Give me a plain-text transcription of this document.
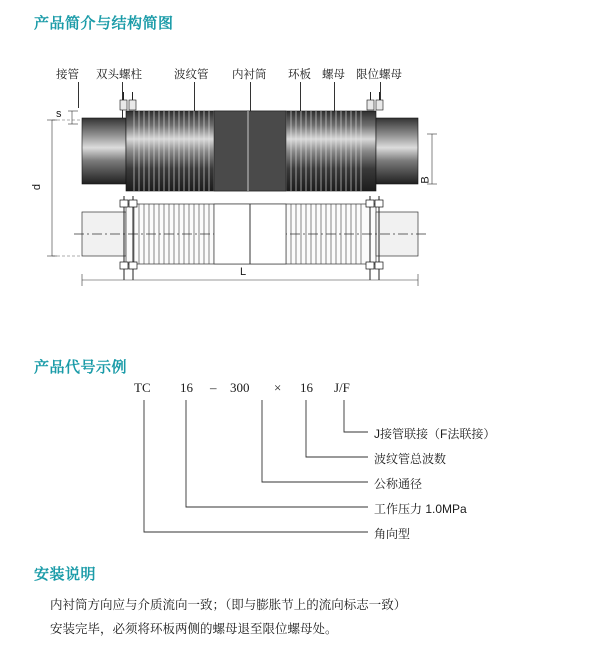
产品简介与结构简图
接管 双头螺柱	波纹管 内衬筒 环板 螺母 限位螺母
s
d
B
L
产品代号示例
TC 16 – 300 × 16 J/F
J接管联接（F法联接）
波纹管总波数
公称通径
工作压力 1.0MPa
角向型
安装说明

内衬筒方向应与介质流向一致；（即与膨胀节上的流向标志一致）

安装完毕，必须将环板两侧的螺母退至限位螺母处。
